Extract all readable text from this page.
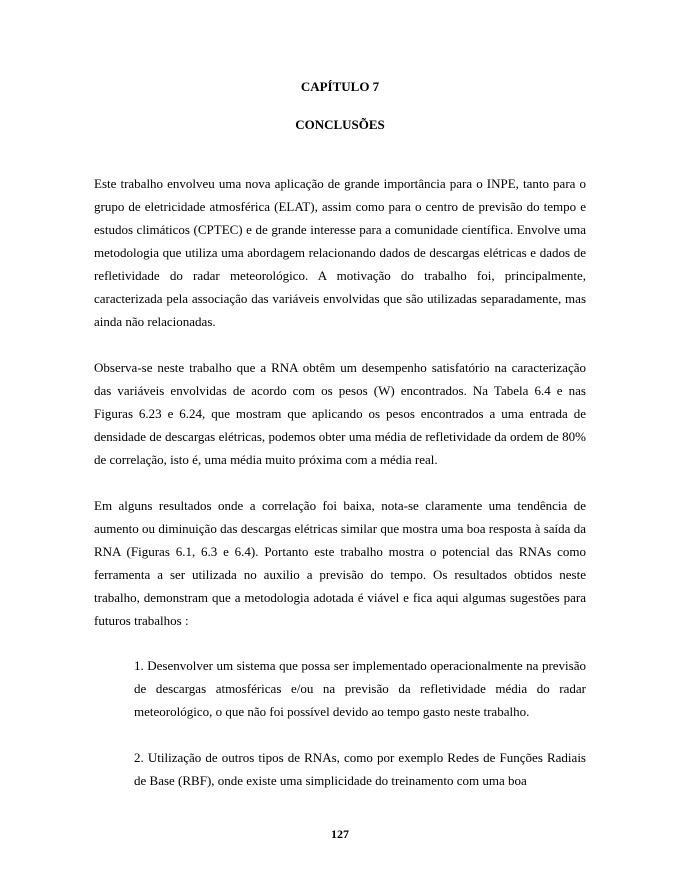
CAPÍTULO 7
CONCLUSÕES

Este trabalho envolveu uma nova aplicação de grande importância para o INPE, tanto para o grupo de eletricidade atmosférica (ELAT), assim como para o centro de previsão do tempo e estudos climáticos (CPTEC) e de grande interesse para a comunidade científica. Envolve uma metodologia que utiliza uma abordagem relacionando dados de descargas elétricas e dados de refletividade do radar meteorológico. A motivação do trabalho foi, principalmente, caracterizada pela associação das variáveis envolvidas que são utilizadas separadamente, mas ainda não relacionadas.

Observa-se neste trabalho que a RNA obtêm um desempenho satisfatório na caracterização das variáveis envolvidas de acordo com os pesos (W) encontrados. Na Tabela 6.4 e nas Figuras 6.23 e 6.24, que mostram que aplicando os pesos encontrados a uma entrada de densidade de descargas elétricas, podemos obter uma média de refletividade da ordem de 80% de correlação, isto é, uma média muito próxima com a média real.

Em alguns resultados onde a correlação foi baixa, nota-se claramente uma tendência de aumento ou diminuição das descargas elétricas similar que mostra uma boa resposta à saída da RNA (Figuras 6.1, 6.3 e 6.4). Portanto este trabalho mostra o potencial das RNAs como ferramenta a ser utilizada no auxilio a previsão do tempo. Os resultados obtidos neste trabalho, demonstram que a metodologia adotada é viável e fica aqui algumas sugestões para futuros trabalhos :

1. Desenvolver um sistema que possa ser implementado operacionalmente na previsão de descargas atmosféricas e/ou na previsão da refletividade média do radar meteorológico, o que não foi possível devido ao tempo gasto neste trabalho.

2. Utilização de outros tipos de RNAs, como por exemplo Redes de Funções Radiais de Base (RBF), onde existe uma simplicidade do treinamento com uma boa

127
